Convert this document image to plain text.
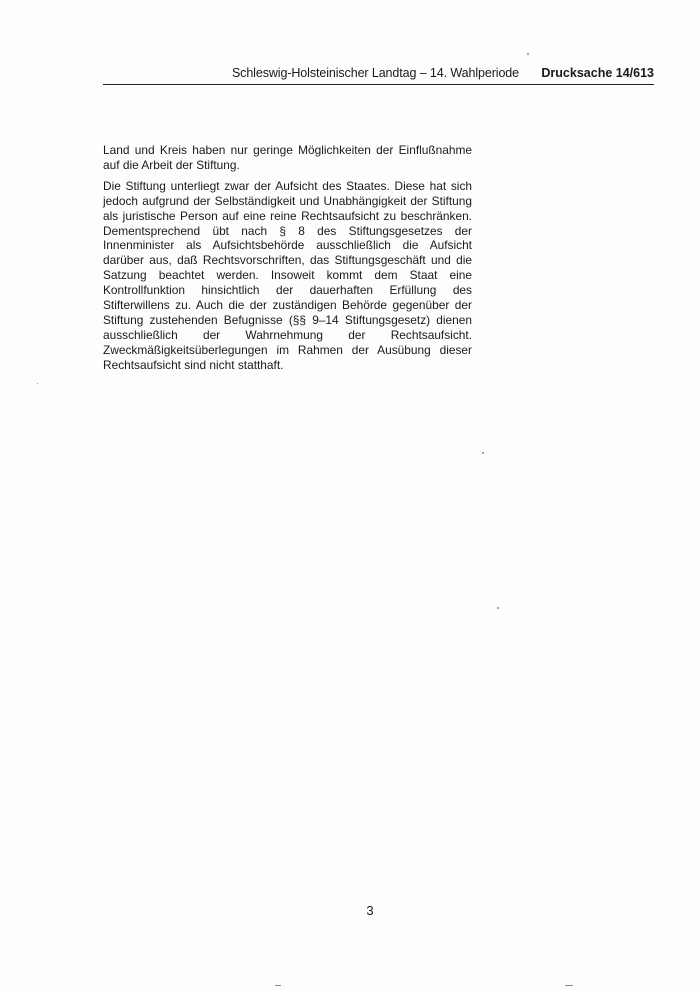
Schleswig-Holsteinischer Landtag – 14. Wahlperiode Drucksache 14/613

Land und Kreis haben nur geringe Möglichkeiten der Einflußnahme auf die Arbeit der Stiftung.

Die Stiftung unterliegt zwar der Aufsicht des Staates. Diese hat sich jedoch aufgrund der Selbständigkeit und Unabhängigkeit der Stiftung als juristische Person auf eine reine Rechtsaufsicht zu beschränken. Dementsprechend übt nach § 8 des Stiftungsgesetzes der Innenminister als Aufsichtsbehörde ausschließlich die Aufsicht darüber aus, daß Rechtsvorschriften, das Stiftungsgeschäft und die Satzung beachtet werden. Insoweit kommt dem Staat eine Kontrollfunktion hinsichtlich der dauerhaften Erfüllung des Stifterwillens zu. Auch die der zuständigen Behörde gegenüber der Stiftung zustehenden Befugnisse (§§ 9–14 Stiftungsgesetz) dienen ausschließlich der Wahrnehmung der Rechtsaufsicht. Zweckmäßigkeitsüberlegungen im Rahmen der Ausübung dieser Rechtsaufsicht sind nicht statthaft.

3
